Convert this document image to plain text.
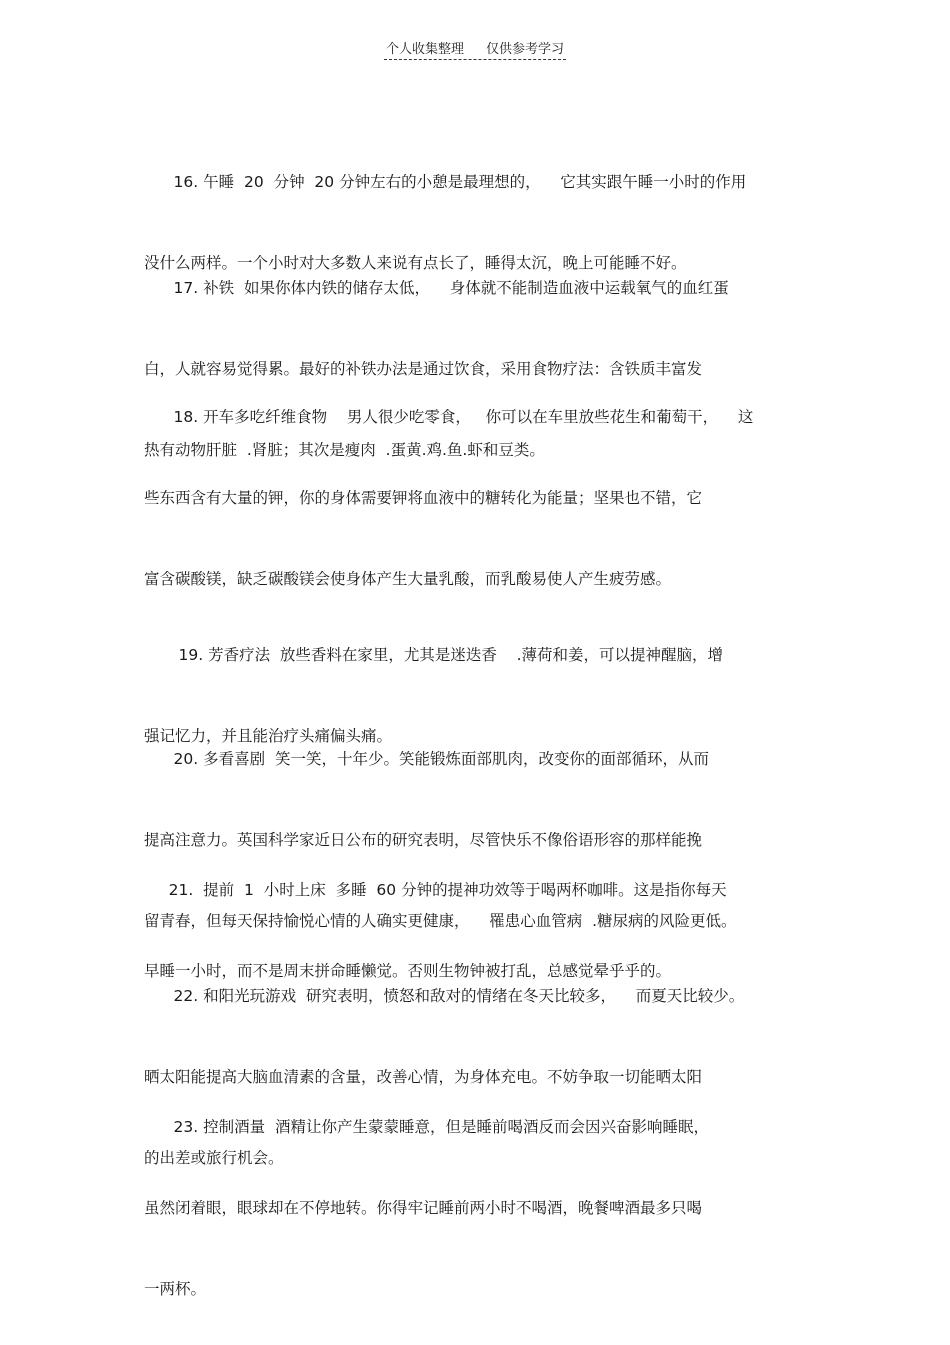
个人收集整理 仅供参考学习

16. 午睡  20  分钟  20 分钟左右的小憩是最理想的，    它其实跟午睡一小时的作用

没什么两样。一个小时对大多数人来说有点长了，睡得太沉，晚上可能睡不好。

17. 补铁  如果你体内铁的储存太低，    身体就不能制造血液中运载氧气的血红蛋

白，人就容易觉得累。最好的补铁办法是通过饮食，采用食物疗法：含铁质丰富发

热有动物肝脏  .肾脏；其次是瘦肉  .蛋黄.鸡.鱼.虾和豆类。

18. 开车多吃纤维食物    男人很少吃零食，   你可以在车里放些花生和葡萄干，    这

些东西含有大量的钾，你的身体需要钾将血液中的糖转化为能量；坚果也不错，它

富含碳酸镁，缺乏碳酸镁会使身体产生大量乳酸，而乳酸易使人产生疲劳感。

19. 芳香疗法  放些香料在家里，尤其是迷迭香    .薄荷和姜，可以提神醒脑，增

强记忆力，并且能治疗头痛偏头痛。

20. 多看喜剧  笑一笑，十年少。笑能锻炼面部肌肉，改变你的面部循环，从而

提高注意力。英国科学家近日公布的研究表明，尽管快乐不像俗语形容的那样能挽

留青春，但每天保持愉悦心情的人确实更健康，    罹患心血管病  .糖尿病的风险更低。

21.  提前  1  小时上床  多睡  60 分钟的提神功效等于喝两杯咖啡。这是指你每天

早睡一小时，而不是周末拼命睡懒觉。否则生物钟被打乱，总感觉晕乎乎的。

22. 和阳光玩游戏  研究表明，愤怒和敌对的情绪在冬天比较多，    而夏天比较少。

晒太阳能提高大脑血清素的含量，改善心情，为身体充电。不妨争取一切能晒太阳

的出差或旅行机会。

23. 控制酒量  酒精让你产生蒙蒙睡意，但是睡前喝酒反而会因兴奋影响睡眠，

虽然闭着眼，眼球却在不停地转。你得牢记睡前两小时不喝酒，晚餐啤酒最多只喝

一两杯。
